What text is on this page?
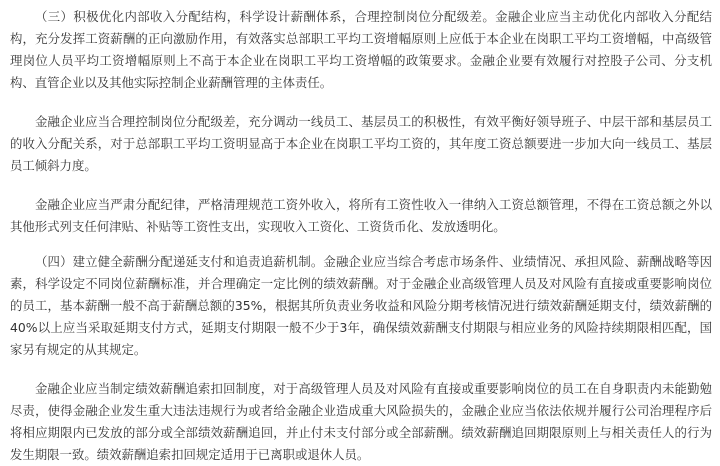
（三）积极优化内部收入分配结构，科学设计薪酬体系，合理控制岗位分配级差。金融企业应当主动优化内部收入分配结构，充分发挥工资薪酬的正向激励作用，有效落实总部职工平均工资增幅原则上应低于本企业在岗职工平均工资增幅，中高级管理岗位人员平均工资增幅原则上不高于本企业在岗职工平均工资增幅的政策要求。金融企业要有效履行对控股子公司、分支机构、直管企业以及其他实际控制企业薪酬管理的主体责任。

金融企业应当合理控制岗位分配级差，充分调动一线员工、基层员工的积极性，有效平衡好领导班子、中层干部和基层员工的收入分配关系，对于总部职工平均工资明显高于本企业在岗职工平均工资的，其年度工资总额要进一步加大向一线员工、基层员工倾斜力度。

金融企业应当严肃分配纪律，严格清理规范工资外收入，将所有工资性收入一律纳入工资总额管理，不得在工资总额之外以其他形式列支任何津贴、补贴等工资性支出，实现收入工资化、工资货币化、发放透明化。

（四）建立健全薪酬分配递延支付和追责追薪机制。金融企业应当综合考虑市场条件、业绩情况、承担风险、薪酬战略等因素，科学设定不同岗位薪酬标准，并合理确定一定比例的绩效薪酬。对于金融企业高级管理人员及对风险有直接或重要影响岗位的员工，基本薪酬一般不高于薪酬总额的35%，根据其所负责业务收益和风险分期考核情况进行绩效薪酬延期支付，绩效薪酬的40%以上应当采取延期支付方式，延期支付期限一般不少于3年，确保绩效薪酬支付期限与相应业务的风险持续期限相匹配，国家另有规定的从其规定。

金融企业应当制定绩效薪酬追索扣回制度，对于高级管理人员及对风险有直接或重要影响岗位的员工在自身职责内未能勤勉尽责，使得金融企业发生重大违法违规行为或者给金融企业造成重大风险损失的，金融企业应当依法依规并履行公司治理程序后将相应期限内已发放的部分或全部绩效薪酬追回，并止付未支付部分或全部薪酬。绩效薪酬追回期限原则上与相关责任人的行为发生期限一致。绩效薪酬追索扣回规定适用于已离职或退休人员。
